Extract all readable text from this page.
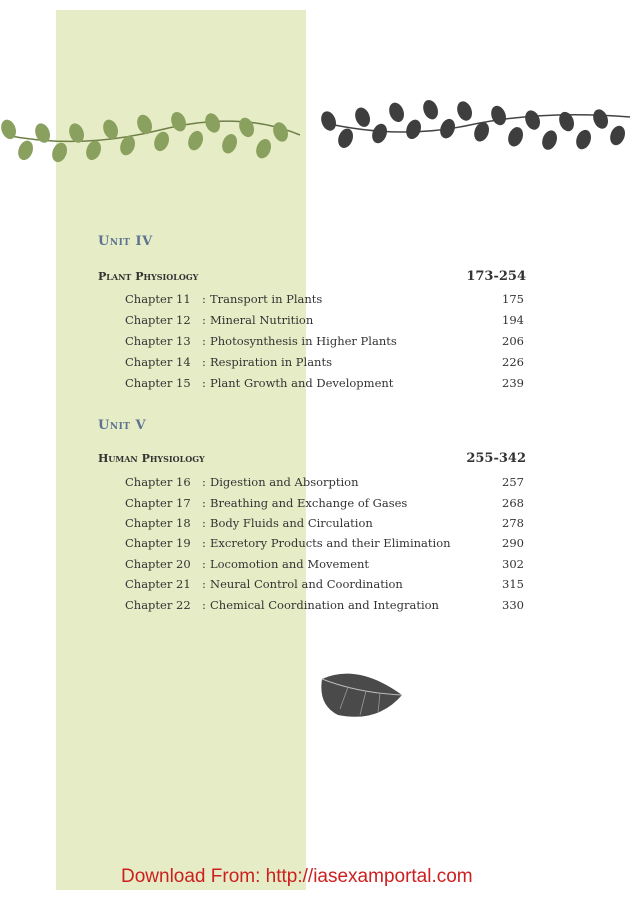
Unit IV
Plant Physiology	173-254
Chapter 11 : Transport in Plants	175
Chapter 12 : Mineral Nutrition	194
Chapter 13 : Photosynthesis in Higher Plants	206
Chapter 14 : Respiration in Plants	226
Chapter 15 : Plant Growth and Development	239
Unit V
Human Physiology	255-342
Chapter 16 : Digestion and Absorption	257
Chapter 17 : Breathing and Exchange of Gases	268
Chapter 18 : Body Fluids and Circulation	278
Chapter 19 : Excretory Products and their Elimination	290
Chapter 20 : Locomotion and Movement	302
Chapter 21 : Neural Control and Coordination	315
Chapter 22 : Chemical Coordination and Integration	330
Download From: http://iasexamportal.com
